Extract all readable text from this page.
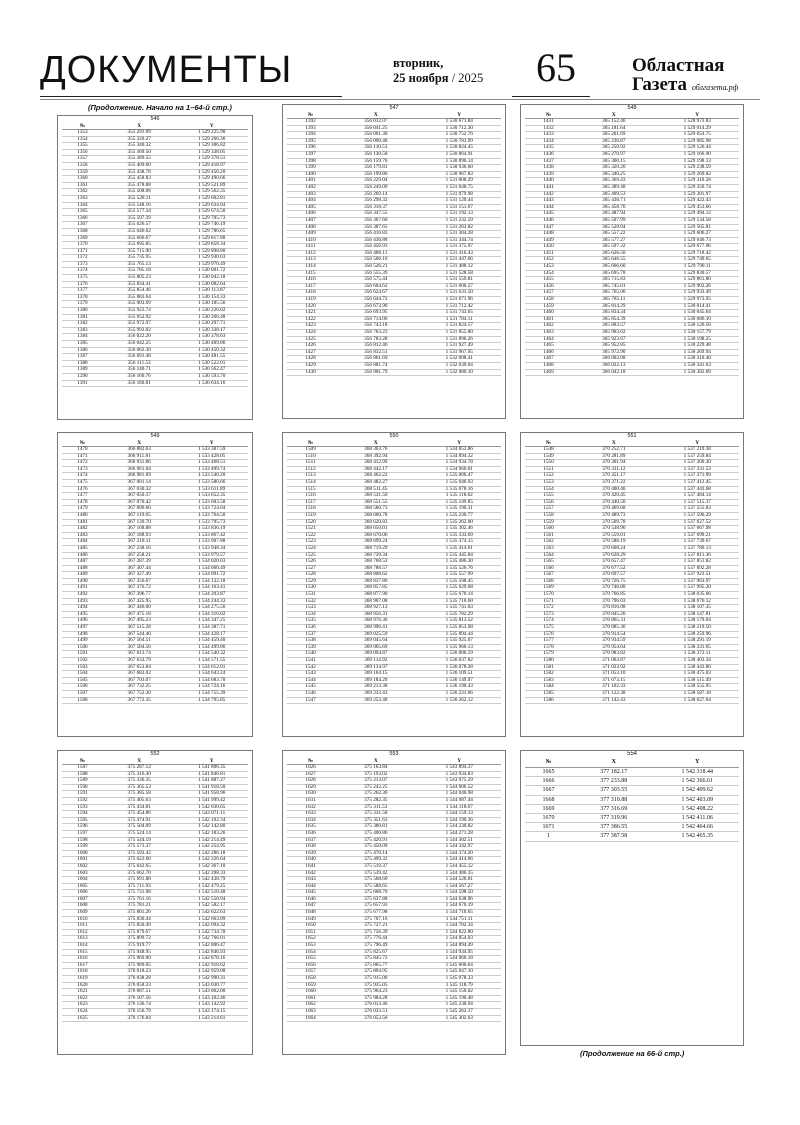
ДОКУМЕНТЫ	вторник,
25 ноября / 2025 65	Областная
Газета облгазета.рф
(Продолжение. Начало на 1–64-й стр.)
546
№	X	Y
1353	355 291.09	1 529 225.90
1354	355 320.27	1 529 266.36
1355	355 340.32	1 529 306.82
1356	355 369.50	1 529 338.05
1357	355 389.55	1 529 378.51
1358	355 409.60	1 529 418.97
1359	355 438.78	1 529 450.20
1360	355 458.83	1 529 490.66
1361	355 478.88	1 529 521.89
1362	355 508.06	1 529 562.35
1363	355 528.11	1 529 602.81
1364	355 548.16	1 529 634.04
1365	355 577.34	1 529 674.50
1366	355 597.39	1 529 705.73
1367	355 626.57	1 529 746.19
1368	355 646.62	1 529 786.65
1369	355 666.67	1 529 817.88
1370	355 695.85	1 529 858.34
1371	355 715.90	1 529 898.80
1372	355 735.95	1 529 930.03
1373	355 765.13	1 529 970.49
1374	355 785.18	1 530 001.72
1375	355 805.23	1 530 042.18
1376	355 834.41	1 530 082.64
1377	355 854.46	1 530 113.87
1378	355 883.64	1 530 154.33
1379	355 903.69	1 530 185.56
1380	355 923.74	1 530 226.02
1381	355 952.92	1 530 266.48
1382	355 972.97	1 530 297.71
1383	355 993.02	1 530 338.17
1384	356 022.20	1 530 378.63
1385	356 042.25	1 530 409.86
1386	356 062.30	1 530 450.32
1387	356 091.48	1 530 481.55
1388	356 111.53	1 530 522.01
1389	356 140.71	1 530 562.47
1390	356 160.76	1 530 593.70
1391	356 180.81	1 530 634.16
547
№	X	Y
1392	356 012.07	1 530 671.84
1393	356 041.25	1 530 712.30
1394	356 061.30	1 530 752.76
1395	356 090.48	1 530 783.99
1396	356 110.53	1 530 824.45
1397	356 130.58	1 530 864.91
1398	356 159.76	1 530 896.14
1399	356 179.81	1 530 936.60
1400	356 199.86	1 530 967.83
1401	356 229.04	1 531 008.29
1402	356 249.09	1 531 048.75
1403	356 269.14	1 531 079.98
1404	356 298.32	1 531 120.44
1405	356 318.37	1 531 151.67
1406	356 347.55	1 531 192.13
1407	356 367.60	1 531 232.59
1408	356 387.65	1 531 263.82
1409	356 416.83	1 531 304.28
1410	356 436.88	1 531 344.74
1411	356 456.93	1 531 375.97
1412	356 486.11	1 531 416.43
1413	356 506.16	1 531 447.66
1414	356 526.21	1 531 488.12
1415	356 555.39	1 531 528.58
1416	356 575.44	1 531 559.81
1417	356 604.62	1 531 600.27
1418	356 624.67	1 531 631.50
1419	356 644.72	1 531 671.96
1420	356 673.90	1 531 712.42
1421	356 693.95	1 531 743.65
1422	356 714.00	1 531 784.11
1423	356 743.18	1 531 824.57
1424	356 763.23	1 531 855.80
1425	356 783.28	1 531 896.26
1426	356 812.46	1 531 927.49
1427	356 832.51	1 531 967.95
1428	356 861.69	1 532 008.41
1429	356 881.74	1 532 039.64
1430	356 901.79	1 532 080.10
548
№	X	Y
1431	365 152.46	1 528 973.83
1432	365 181.64	1 529 014.29
1433	365 201.69	1 529 054.75
1434	365 230.87	1 529 085.98
1435	365 250.92	1 529 126.44
1436	365 270.97	1 529 166.90
1437	365 300.15	1 529 198.13
1438	365 320.20	1 529 238.59
1439	365 340.25	1 529 269.82
1440	365 369.43	1 529 310.28
1441	365 389.48	1 529 350.74
1442	365 409.53	1 529 381.97
1443	365 438.71	1 529 422.43
1444	365 458.76	1 529 453.66
1445	365 487.94	1 529 494.12
1446	365 507.99	1 529 534.58
1447	365 528.04	1 529 565.81
1448	365 557.22	1 529 606.27
1449	365 577.27	1 529 646.73
1450	365 597.32	1 529 677.96
1451	365 626.50	1 529 718.42
1452	365 646.55	1 529 749.65
1453	365 666.60	1 529 790.11
1454	365 695.78	1 529 830.57
1455	365 715.83	1 529 861.80
1456	365 745.01	1 529 902.26
1457	365 765.06	1 529 933.49
1458	365 785.11	1 529 973.95
1459	365 814.29	1 530 014.41
1460	365 834.34	1 530 045.64
1461	365 854.39	1 530 086.10
1462	365 883.57	1 530 126.56
1463	365 903.62	1 530 157.79
1464	365 923.67	1 530 198.25
1465	365 952.85	1 530 229.48
1466	365 972.90	1 530 269.94
1467	366 002.08	1 530 310.40
1468	366 022.13	1 530 341.63
1469	366 042.18	1 530 382.09
549
№	X	Y
1470	366 882.63	1 533 387.59
1471	366 911.81	1 533 428.05
1472	366 931.86	1 533 468.51
1473	366 961.04	1 533 499.74
1474	366 981.09	1 533 540.20
1475	367 001.14	1 533 580.66
1476	367 030.32	1 533 611.89
1477	367 050.37	1 533 652.35
1478	367 070.42	1 533 683.58
1479	367 099.60	1 533 724.04
1480	367 119.65	1 533 764.50
1481	367 139.70	1 533 795.73
1482	367 168.88	1 533 836.19
1483	367 188.93	1 533 867.42
1484	367 218.11	1 533 907.88
1485	367 238.16	1 533 948.34
1486	367 258.21	1 533 979.57
1487	367 287.39	1 534 020.03
1488	367 307.44	1 534 060.49
1489	367 327.49	1 534 091.72
1490	367 356.67	1 534 132.18
1491	367 376.72	1 534 163.41
1492	367 396.77	1 534 203.87
1493	367 425.95	1 534 244.33
1494	367 446.00	1 534 275.56
1495	367 475.18	1 534 316.02
1496	367 495.23	1 534 347.25
1497	367 515.28	1 534 387.71
1498	367 544.46	1 534 428.17
1499	367 564.51	1 534 459.40
1500	367 584.56	1 534 499.86
1501	367 613.74	1 534 540.32
1502	367 633.79	1 534 571.55
1503	367 653.84	1 534 612.01
1504	367 683.02	1 534 643.24
1505	367 703.07	1 534 683.70
1506	367 732.25	1 534 724.16
1507	367 752.30	1 534 755.39
1508	367 772.35	1 534 795.85
550
№	X	Y
1509	368 363.76	1 534 853.86
1510	368 392.94	1 534 894.32
1511	368 412.99	1 534 934.78
1512	368 442.17	1 534 966.01
1513	368 462.22	1 535 006.47
1514	368 482.27	1 535 046.93
1515	368 511.45	1 535 078.16
1516	368 531.50	1 535 118.62
1517	368 551.55	1 535 149.85
1518	368 580.73	1 535 190.31
1519	368 600.78	1 535 230.77
1520	368 620.83	1 535 262.00
1521	368 650.01	1 535 302.46
1522	368 670.06	1 535 333.69
1523	368 699.24	1 535 374.15
1524	368 719.29	1 535 414.61
1525	368 739.34	1 535 445.84
1526	368 768.52	1 535 486.30
1527	368 788.57	1 535 526.76
1528	368 808.62	1 535 557.99
1529	368 837.80	1 535 598.45
1530	368 857.85	1 535 629.68
1531	368 877.90	1 535 670.14
1532	368 907.08	1 535 710.60
1533	368 927.13	1 535 741.83
1534	368 956.31	1 535 782.29
1535	368 976.36	1 535 813.52
1536	368 996.41	1 535 853.98
1537	369 025.59	1 535 894.44
1538	369 045.64	1 535 925.67
1539	369 065.69	1 535 966.13
1540	369 094.87	1 536 006.59
1541	369 114.92	1 536 037.82
1542	369 134.97	1 536 078.28
1543	369 164.15	1 536 109.51
1544	369 184.20	1 536 149.97
1545	369 213.38	1 536 190.43
1546	369 233.43	1 536 221.66
1547	369 253.48	1 536 262.12
551
№	X	Y
1548	370 252.71	1 537 219.38
1549	370 281.89	1 537 259.84
1550	370 301.94	1 537 300.30
1551	370 331.12	1 537 331.53
1552	370 351.17	1 537 371.99
1553	370 371.22	1 537 412.45
1554	370 400.40	1 537 443.68
1555	370 420.45	1 537 484.14
1556	370 440.50	1 537 515.37
1557	370 469.68	1 537 555.83
1558	370 489.73	1 537 596.29
1559	370 509.78	1 537 627.52
1560	370 538.96	1 537 667.98
1561	370 559.01	1 537 699.21
1562	370 588.19	1 537 739.67
1563	370 608.24	1 537 780.13
1564	370 628.29	1 537 811.36
1565	370 657.47	1 537 851.82
1566	370 677.52	1 537 892.28
1567	370 697.57	1 537 923.51
1568	370 726.75	1 537 963.97
1569	370 746.80	1 537 995.20
1570	370 766.85	1 538 035.66
1571	370 796.03	1 538 076.12
1572	370 816.08	1 538 107.35
1573	370 845.26	1 538 147.81
1574	370 865.31	1 538 179.04
1575	370 885.36	1 538 219.50
1576	370 914.54	1 538 259.96
1577	370 934.59	1 538 291.19
1578	370 954.64	1 538 331.65
1579	370 983.82	1 538 372.11
1580	371 003.87	1 538 403.34
1581	371 023.92	1 538 443.80
1582	371 053.10	1 538 475.03
1583	371 073.15	1 538 515.49
1584	371 102.33	1 538 555.95
1585	371 122.38	1 538 587.18
1586	371 142.43	1 538 627.64
552
№	X	Y
1587	375 287.12	1 541 806.35
1588	375 316.30	1 541 846.81
1589	375 336.35	1 541 887.27
1590	375 365.53	1 541 918.50
1591	375 385.58	1 541 958.96
1592	375 405.63	1 541 999.42
1593	375 434.81	1 542 030.65
1594	375 454.86	1 542 071.11
1595	375 474.91	1 542 102.34
1596	375 504.09	1 542 142.80
1597	375 524.14	1 542 183.26
1598	375 544.19	1 542 214.49
1599	375 573.37	1 542 254.95
1600	375 593.42	1 542 286.18
1601	375 622.60	1 542 326.64
1602	375 642.65	1 542 367.10
1603	375 662.70	1 542 398.33
1604	375 691.88	1 542 438.79
1605	375 711.93	1 542 479.25
1606	375 731.98	1 542 510.48
1607	375 761.16	1 542 550.94
1608	375 781.21	1 542 582.17
1609	375 801.26	1 542 622.63
1610	375 830.44	1 542 663.09
1611	375 850.49	1 542 694.32
1612	375 879.67	1 542 734.78
1613	375 899.72	1 542 766.01
1614	375 919.77	1 542 806.47
1615	375 948.95	1 542 846.93
1616	375 969.00	1 542 878.16
1617	375 989.05	1 542 918.62
1618	376 018.23	1 542 959.08
1619	376 038.28	1 542 990.31
1620	376 058.33	1 543 030.77
1621	376 087.51	1 543 062.00
1622	376 107.56	1 543 102.46
1623	376 136.74	1 543 142.92
1624	376 156.79	1 543 174.15
1625	376 176.84	1 543 214.61
553
№	X	Y
1626	375 163.84	1 543 894.37
1627	375 193.02	1 543 934.83
1628	375 213.07	1 543 975.29
1629	375 242.25	1 544 006.52
1630	375 262.30	1 544 046.98
1631	375 282.35	1 544 087.44
1632	375 311.53	1 544 118.67
1633	375 331.58	1 544 159.13
1634	375 351.63	1 544 190.36
1635	375 380.81	1 544 230.82
1636	375 400.86	1 544 271.28
1637	375 420.91	1 544 302.51
1638	375 450.09	1 544 342.97
1639	375 470.14	1 544 374.20
1640	375 499.32	1 544 414.66
1641	375 519.37	1 544 455.12
1642	375 539.42	1 544 486.35
1643	375 568.60	1 544 526.81
1644	375 588.65	1 544 567.27
1645	375 608.70	1 544 598.50
1646	375 637.88	1 544 638.96
1647	375 657.93	1 544 670.19
1648	375 677.98	1 544 710.65
1649	375 707.16	1 544 751.11
1650	375 727.21	1 544 782.34
1651	375 756.39	1 544 822.80
1652	375 776.44	1 544 854.03
1653	375 796.49	1 544 894.49
1654	375 825.67	1 544 934.95
1655	375 845.72	1 544 966.18
1656	375 865.77	1 545 006.64
1657	375 894.95	1 545 047.10
1658	375 915.00	1 545 078.33
1659	375 935.05	1 545 118.79
1660	375 964.23	1 545 150.02
1661	375 984.28	1 545 190.48
1662	376 013.46	1 545 230.94
1663	376 033.51	1 545 262.17
1664	376 053.56	1 545 302.63
554
№	X	Y
1665	377 182.17	1 542 318.44
1666	377 233.88	1 542 366.61
1667	377 303.55	1 542 409.62
1668	377 310.88	1 542 403.09
1669	377 316.69	1 542 408.22
1670	377 319.96	1 542 411.06
1671	377 386.55	1 542 464.66
1	377 387.58	1 542 465.35
(Продолжение на 66-й стр.)
